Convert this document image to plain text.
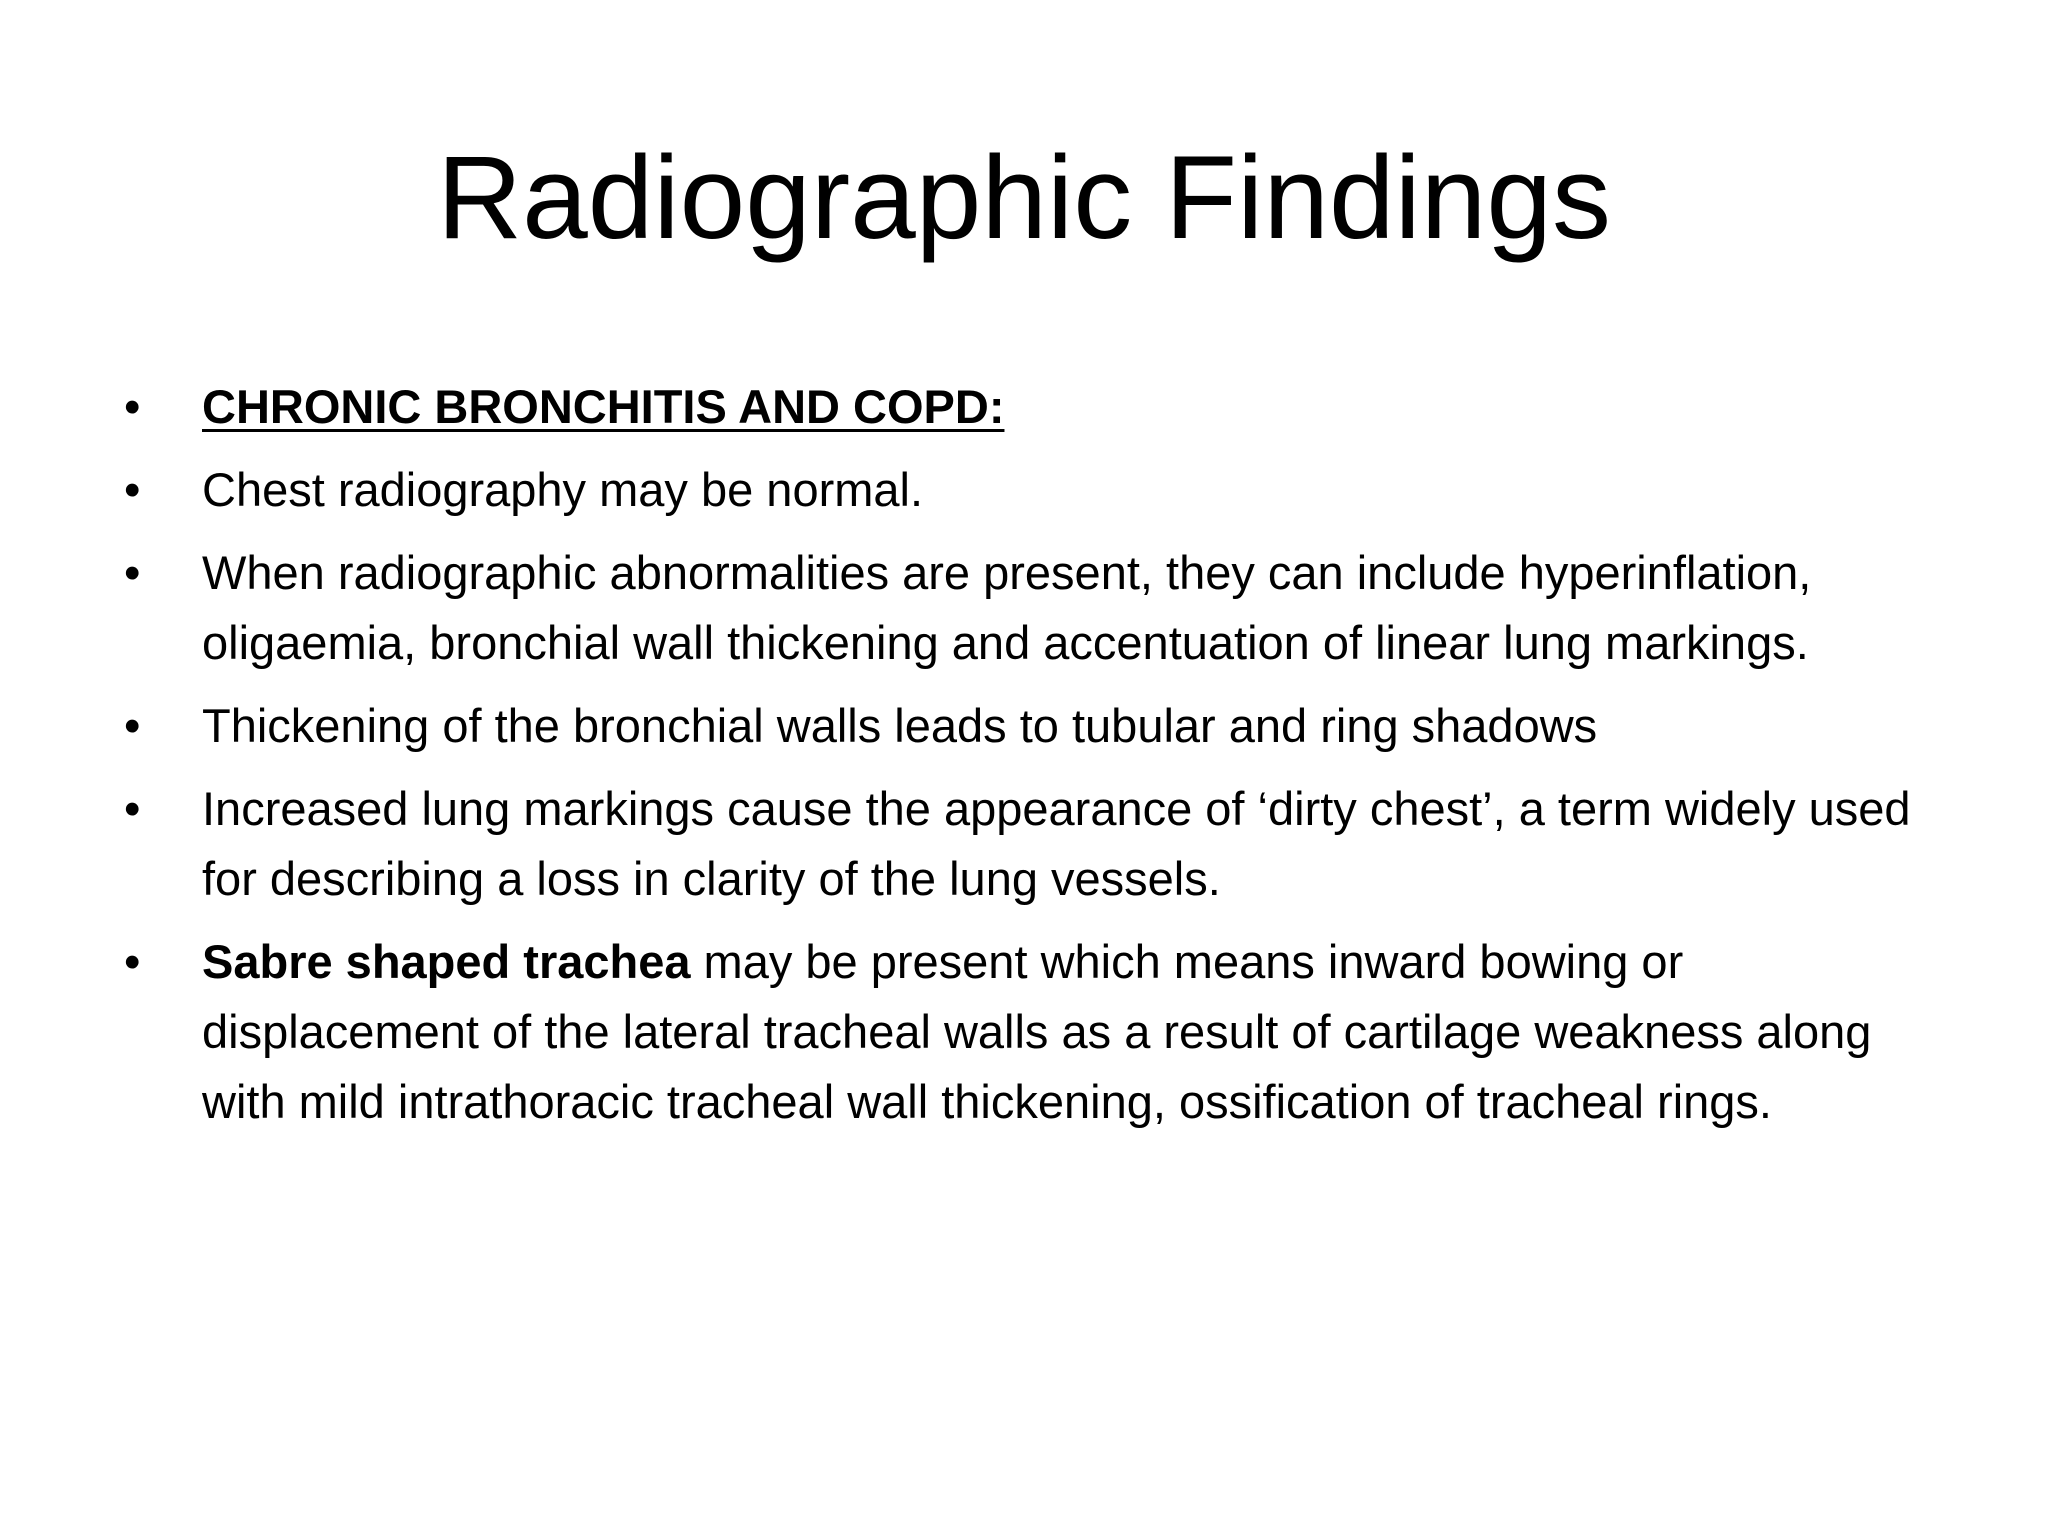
Radiographic Findings
• CHRONIC BRONCHITIS AND COPD:
• Chest radiography may be normal.
• When radiographic abnormalities are present, they can include hyperinflation, oligaemia, bronchial wall thickening and accentuation of linear lung markings.
• Thickening of the bronchial walls leads to tubular and ring shadows
• Increased lung markings cause the appearance of ‘dirty chest’, a term widely used for describing a loss in clarity of the lung vessels.
• Sabre shaped trachea may be present which means inward bowing or displacement of the lateral tracheal walls as a result of cartilage weakness along with mild intrathoracic tracheal wall thickening, ossification of tracheal rings.
